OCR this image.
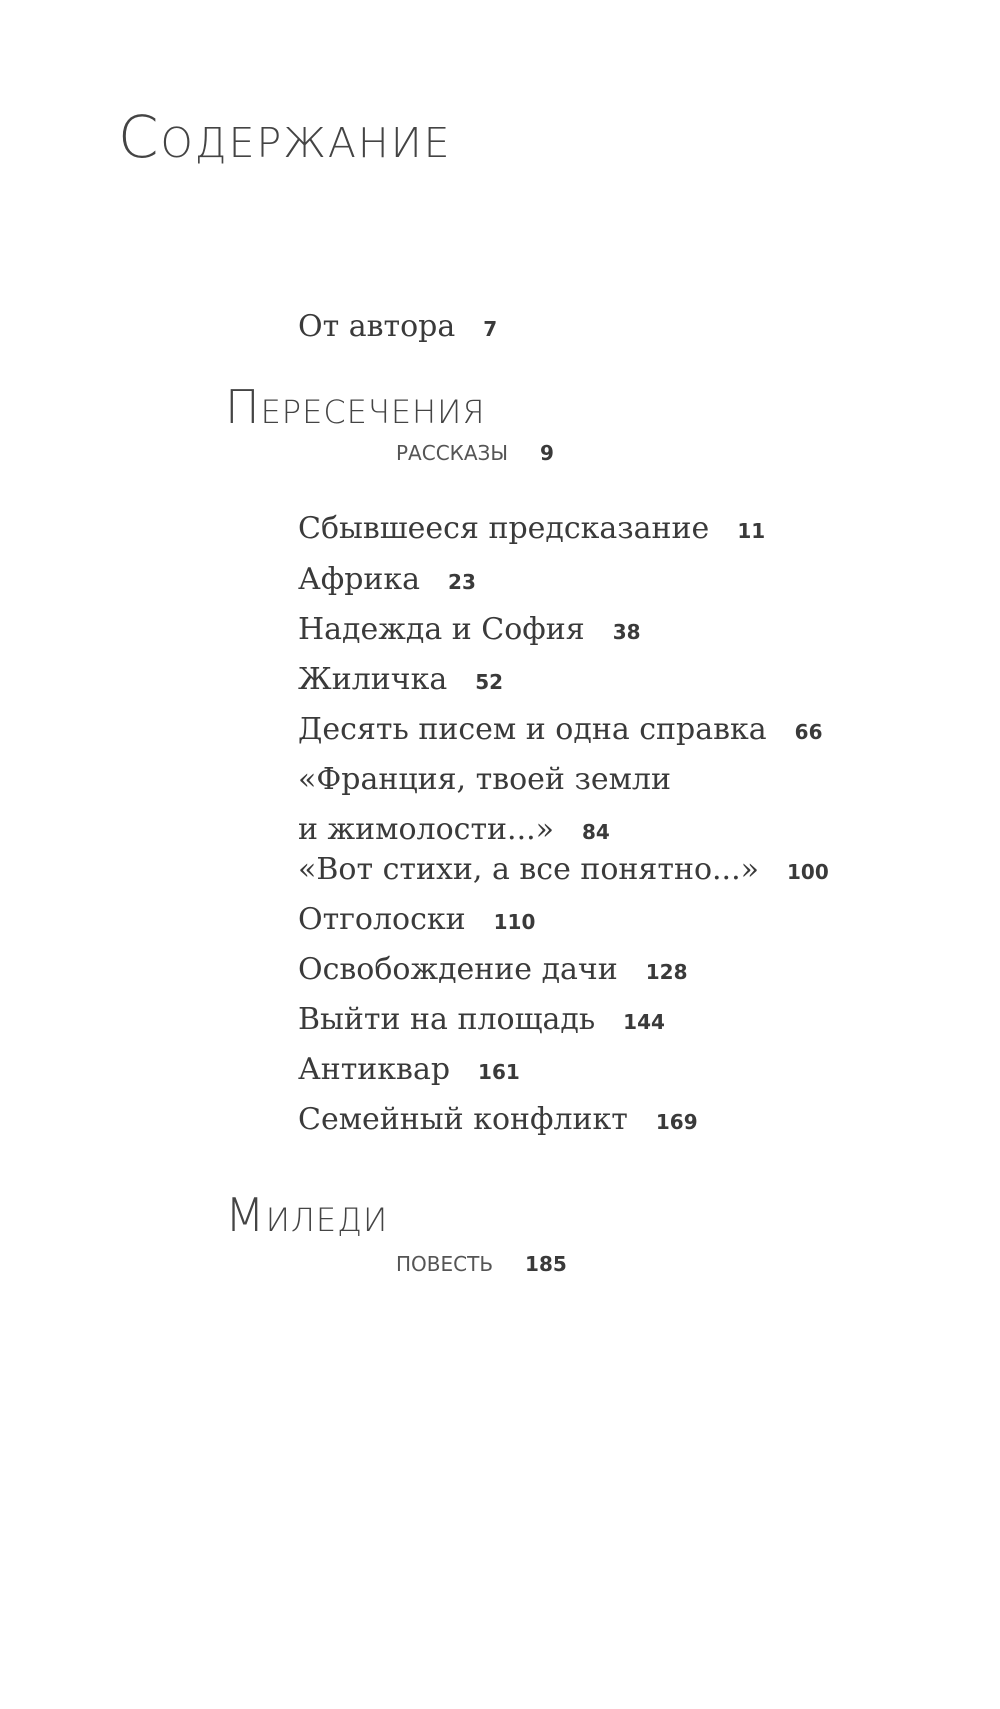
Содержание
От автора 7
Пересечения
рассказы 9
Сбывшееся предсказание 11
Африка 23
Надежда и София 38
Жиличка 52
Десять писем и одна справка 66
«Франция, твоей земли
и жимолости...» 84
«Вот стихи, а все понятно...» 100
Отголоски 110
Освобождение дачи 128
Выйти на площадь 144
Антиквар 161
Семейный конфликт 169
Миледи
повесть 185
